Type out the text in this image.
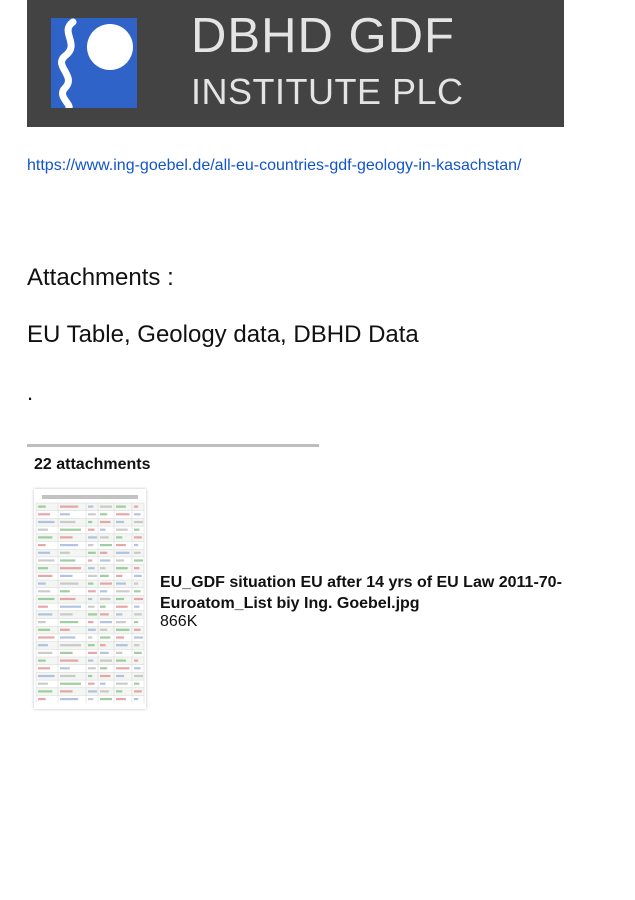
DBHD GDF
INSTITUTE PLC
https://www.ing-goebel.de/all-eu-countries-gdf-geology-in-kasachstan/
Attachments :
EU Table, Geology data, DBHD Data
.
22 attachments
EU_GDF situation EU after 14 yrs of EU Law 2011-70-Euroatom_List biy Ing. Goebel.jpg
866K
